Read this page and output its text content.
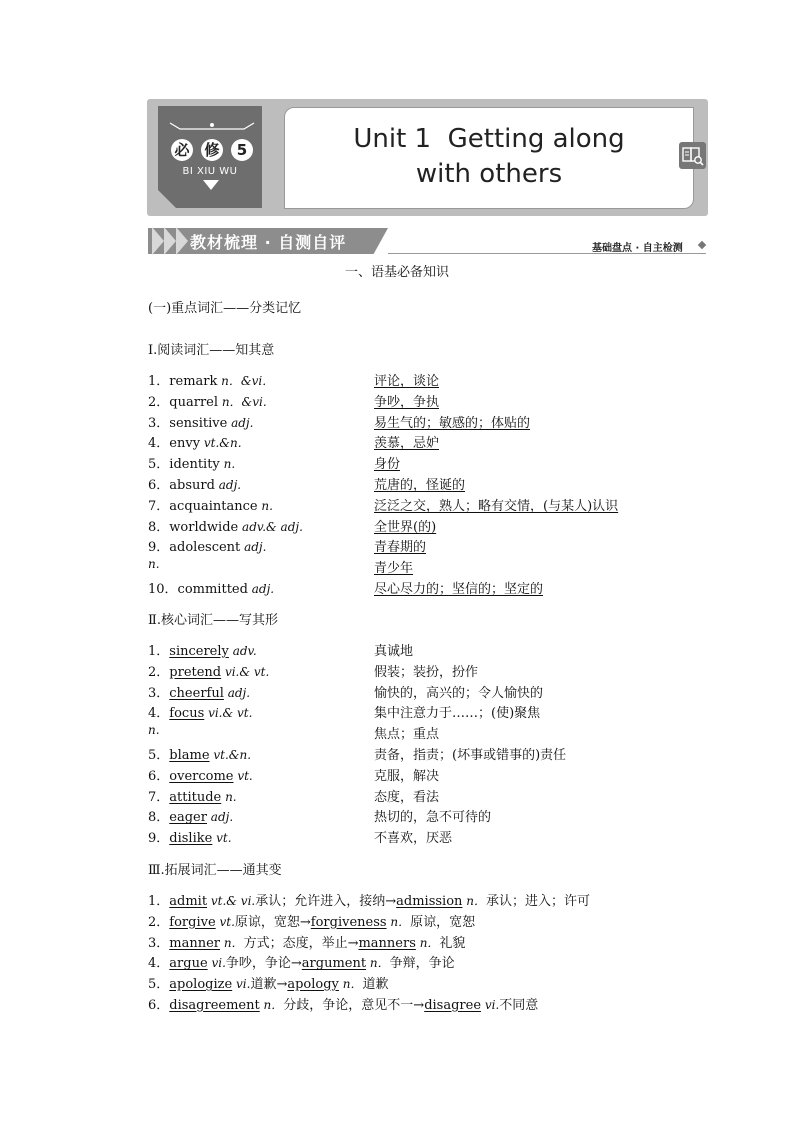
必 修	5
BI XIU WU
Unit 1  Getting along
with others
教材梳理 · 自测自评	基础盘点 · 自主检测
一、语基必备知识
(一)重点词汇——分类记忆
Ⅰ.阅读词汇——知其意
1．remark n．&vi．	评论，谈论
2．quarrel n．&vi.	争吵，争执
3．sensitive adj.	易生气的；敏感的；体贴的
4．envy vt.&n.	羡慕，忌妒
5．identity n.	身份
6．absurd adj.	荒唐的，怪诞的
7．acquaintance n.	泛泛之交，熟人；略有交情，(与某人)认识
8．worldwide adv.& adj.	全世界(的)
9．adolescent adj.	青春期的
n.	青少年
10．committed adj.	尽心尽力的；坚信的；坚定的
Ⅱ.核心词汇——写其形
1．sincerely adv.	真诚地
2．pretend vi.& vt.	假装；装扮，扮作
3．cheerful adj.	愉快的，高兴的；令人愉快的
4．focus vi.& vt.	集中注意力于……；(使)聚焦
n.	焦点；重点
5．blame vt.&n.	责备，指责；(坏事或错事的)责任
6．overcome vt.	克服，解决
7．attitude n.	态度，看法
8．eager adj.	热切的，急不可待的
9．dislike vt.	不喜欢，厌恶
Ⅲ.拓展词汇——通其变
1．admit vt.& vi.承认；允许进入，接纳→admission n．承认；进入；许可
2．forgive vt.原谅，宽恕→forgiveness n．原谅，宽恕
3．manner n．方式；态度，举止→manners n．礼貌
4．argue vi.争吵，争论→argument n．争辩，争论
5．apologize vi.道歉→apology n．道歉
6．disagreement n．分歧，争论，意见不一→disagree vi.不同意
